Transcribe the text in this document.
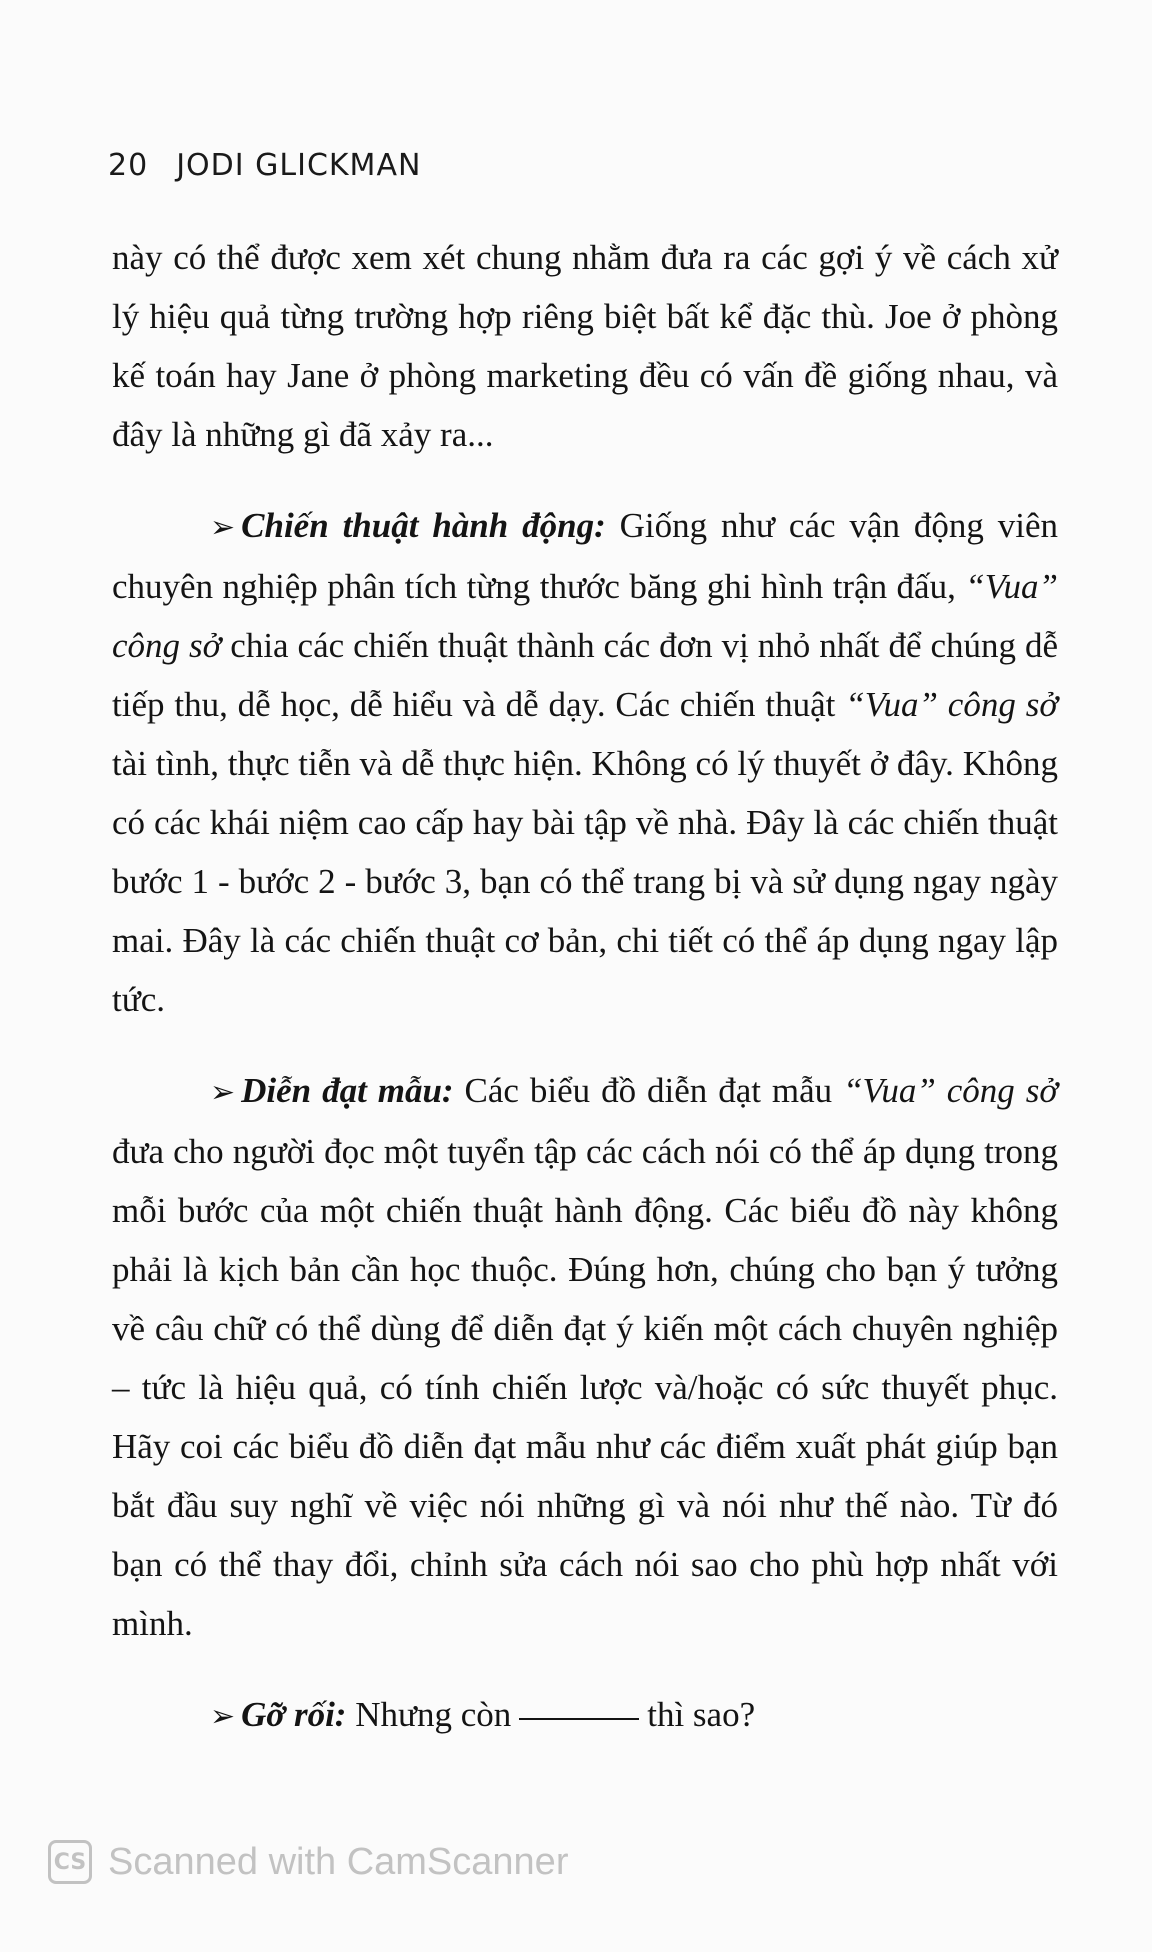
20 JODI GLICKMAN

này có thể được xem xét chung nhằm đưa ra các gợi ý về cách xử lý hiệu quả từng trường hợp riêng biệt bất kể đặc thù. Joe ở phòng kế toán hay Jane ở phòng marketing đều có vấn đề giống nhau, và đây là những gì đã xảy ra...

➢ Chiến thuật hành động: Giống như các vận động viên chuyên nghiệp phân tích từng thước băng ghi hình trận đấu, “Vua” công sở chia các chiến thuật thành các đơn vị nhỏ nhất để chúng dễ tiếp thu, dễ học, dễ hiểu và dễ dạy. Các chiến thuật “Vua” công sở tài tình, thực tiễn và dễ thực hiện. Không có lý thuyết ở đây. Không có các khái niệm cao cấp hay bài tập về nhà. Đây là các chiến thuật bước 1 - bước 2 - bước 3, bạn có thể trang bị và sử dụng ngay ngày mai. Đây là các chiến thuật cơ bản, chi tiết có thể áp dụng ngay lập tức.

➢ Diễn đạt mẫu: Các biểu đồ diễn đạt mẫu “Vua” công sở đưa cho người đọc một tuyển tập các cách nói có thể áp dụng trong mỗi bước của một chiến thuật hành động. Các biểu đồ này không phải là kịch bản cần học thuộc. Đúng hơn, chúng cho bạn ý tưởng về câu chữ có thể dùng để diễn đạt ý kiến một cách chuyên nghiệp – tức là hiệu quả, có tính chiến lược và/hoặc có sức thuyết phục. Hãy coi các biểu đồ diễn đạt mẫu như các điểm xuất phát giúp bạn bắt đầu suy nghĩ về việc nói những gì và nói như thế nào. Từ đó bạn có thể thay đổi, chỉnh sửa cách nói sao cho phù hợp nhất với mình.

➢ Gỡ rối: Nhưng còn	thì sao?

CS Scanned with CamScanner
